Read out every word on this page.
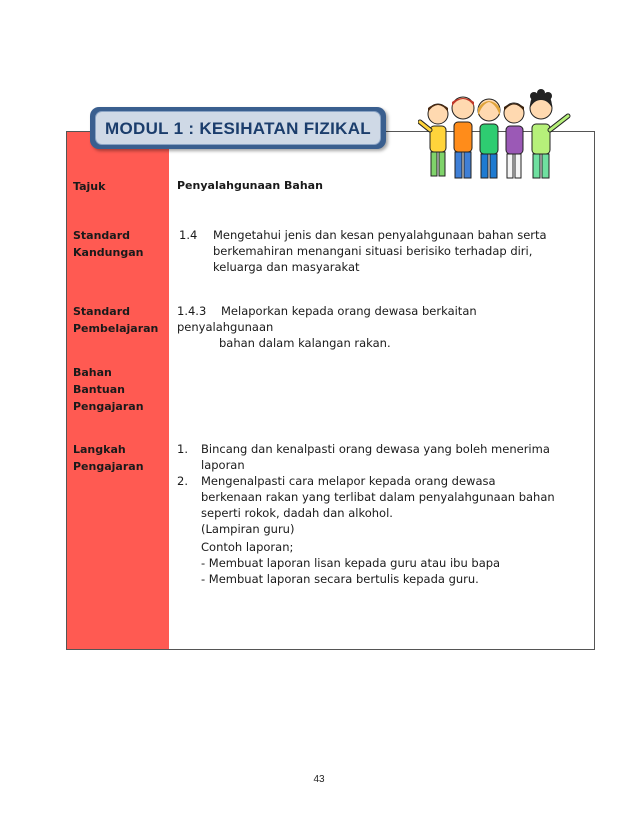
Tajuk	Penyalahgunaan Bahan
Standard
Kandungan
1.4 Mengetahui jenis dan kesan penyalahgunaan bahan serta
berkemahiran menangani situasi berisiko terhadap diri,
keluarga dan masyarakat
Standard
Pembelajaran
1.4.3 Melaporkan kepada orang dewasa berkaitan
penyalahgunaan
bahan dalam kalangan rakan.
Bahan
Bantuan
Pengajaran
Langkah
Pengajaran
1. Bincang dan kenalpasti orang dewasa yang boleh menerima
laporan
2. Mengenalpasti cara melapor kepada orang dewasa
berkenaan rakan yang terlibat dalam penyalahgunaan bahan
seperti rokok, dadah dan alkohol.
(Lampiran guru)
Contoh laporan;
- Membuat laporan lisan kepada guru atau ibu bapa
- Membuat laporan secara bertulis kepada guru.
MODUL 1 : KESIHATAN FIZIKAL
43
